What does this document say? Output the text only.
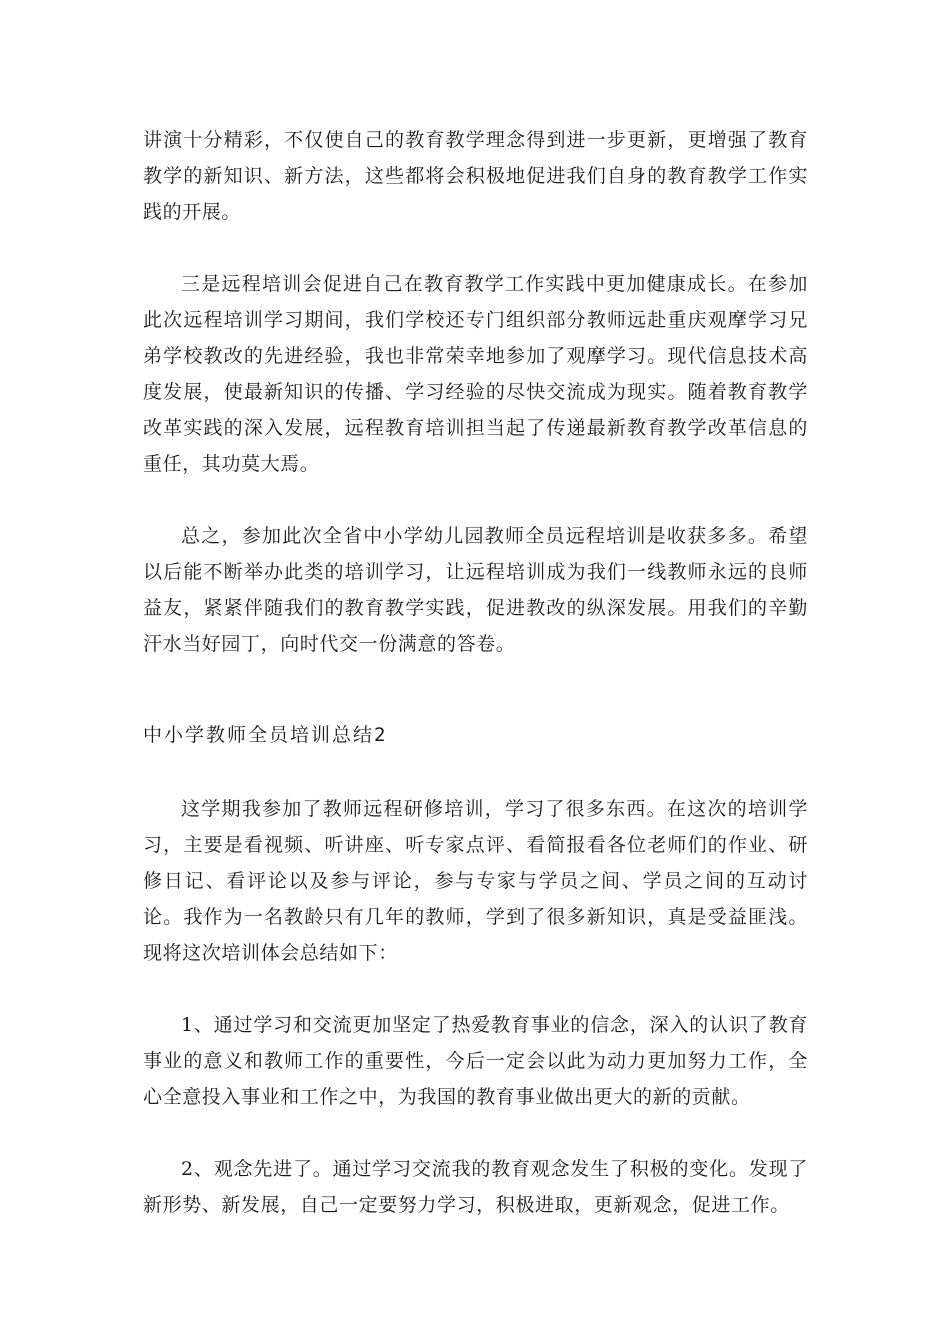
讲演十分精彩，不仅使自己的教育教学理念得到进一步更新，更增强了教育教学的新知识、新方法，这些都将会积极地促进我们自身的教育教学工作实践的开展。

三是远程培训会促进自己在教育教学工作实践中更加健康成长。在参加此次远程培训学习期间，我们学校还专门组织部分教师远赴重庆观摩学习兄弟学校教改的先进经验，我也非常荣幸地参加了观摩学习。现代信息技术高度发展，使最新知识的传播、学习经验的尽快交流成为现实。随着教育教学改革实践的深入发展，远程教育培训担当起了传递最新教育教学改革信息的重任，其功莫大焉。

总之，参加此次全省中小学幼儿园教师全员远程培训是收获多多。希望以后能不断举办此类的培训学习，让远程培训成为我们一线教师永远的良师益友，紧紧伴随我们的教育教学实践，促进教改的纵深发展。用我们的辛勤汗水当好园丁，向时代交一份满意的答卷。

中小学教师全员培训总结2

这学期我参加了教师远程研修培训，学习了很多东西。在这次的培训学习，主要是看视频、听讲座、听专家点评、看简报看各位老师们的作业、研修日记、看评论以及参与评论，参与专家与学员之间、学员之间的互动讨论。我作为一名教龄只有几年的教师，学到了很多新知识，真是受益匪浅。现将这次培训体会总结如下：

1、通过学习和交流更加坚定了热爱教育事业的信念，深入的认识了教育事业的意义和教师工作的重要性，今后一定会以此为动力更加努力工作，全心全意投入事业和工作之中，为我国的教育事业做出更大的新的贡献。

2、观念先进了。通过学习交流我的教育观念发生了积极的变化。发现了新形势、新发展，自己一定要努力学习，积极进取，更新观念，促进工作。
